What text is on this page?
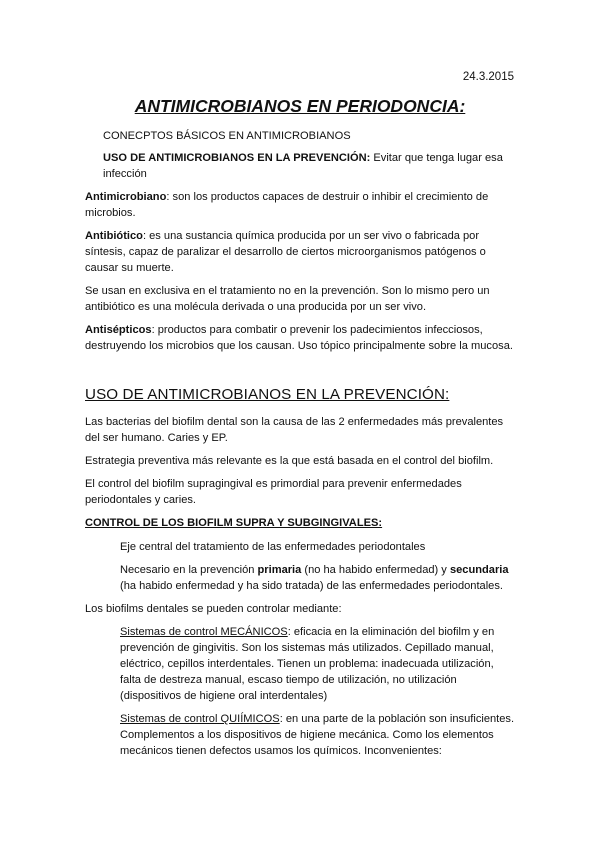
24.3.2015
ANTIMICROBIANOS EN PERIODONCIA:
CONECPTOS BÁSICOS EN ANTIMICROBIANOS
USO DE ANTIMICROBIANOS EN LA PREVENCIÓN: Evitar que tenga lugar esa infección
Antimicrobiano: son los productos capaces de destruir o inhibir el crecimiento de microbios.
Antibiótico: es una sustancia química producida por un ser vivo o fabricada por síntesis, capaz de paralizar el desarrollo de ciertos microorganismos patógenos o causar su muerte.
Se usan en exclusiva en el tratamiento no en la prevención. Son lo mismo pero un antibiótico es una molécula derivada o una producida por un ser vivo.
Antisépticos: productos para combatir o prevenir los padecimientos infecciosos, destruyendo los microbios que los causan. Uso tópico principalmente sobre la mucosa.
USO DE ANTIMICROBIANOS EN LA PREVENCIÓN:
Las bacterias del biofilm dental son la causa de las 2 enfermedades más prevalentes del ser humano. Caries y EP.
Estrategia preventiva más relevante es la que está basada en el control del biofilm.
El control del biofilm supragingival es primordial para prevenir enfermedades periodontales y caries.
CONTROL DE LOS BIOFILM SUPRA Y SUBGINGIVALES:
Eje central del tratamiento de las enfermedades periodontales
Necesario en la prevención primaria (no ha habido enfermedad) y secundaria (ha habido enfermedad y ha sido tratada) de las enfermedades periodontales.
Los biofilms dentales se pueden controlar mediante:
Sistemas de control MECÁNICOS: eficacia en la eliminación del biofilm y en prevención de gingivitis. Son los sistemas más utilizados. Cepillado manual, eléctrico, cepillos interdentales. Tienen un problema: inadecuada utilización, falta de destreza manual, escaso tiempo de utilización, no utilización (dispositivos de higiene oral interdentales)
Sistemas de control QUIÍMICOS: en una parte de la población son insuficientes. Complementos a los dispositivos de higiene mecánica. Como los elementos mecánicos tienen defectos usamos los químicos. Inconvenientes:
